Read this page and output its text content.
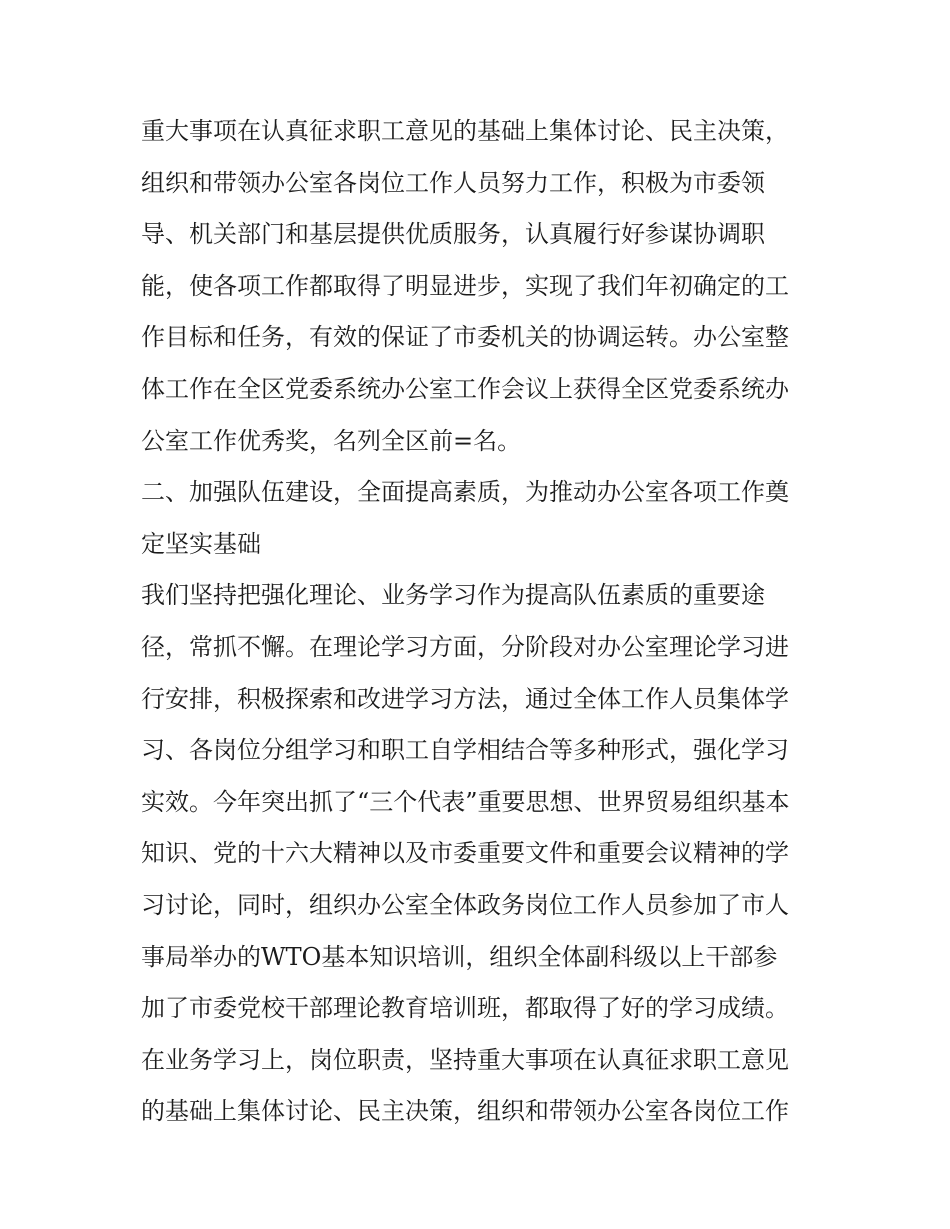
重大事项在认真征求职工意见的基础上集体讨论、民主决策，
组织和带领办公室各岗位工作人员努力工作，积极为市委领
导、机关部门和基层提供优质服务，认真履行好参谋协调职
能，使各项工作都取得了明显进步，实现了我们年初确定的工
作目标和任务，有效的保证了市委机关的协调运转。办公室整
体工作在全区党委系统办公室工作会议上获得全区党委系统办
公室工作优秀奖，名列全区前=名。
二、加强队伍建设，全面提高素质，为推动办公室各项工作奠
定坚实基础
我们坚持把强化理论、业务学习作为提高队伍素质的重要途
径，常抓不懈。在理论学习方面，分阶段对办公室理论学习进
行安排，积极探索和改进学习方法，通过全体工作人员集体学
习、各岗位分组学习和职工自学相结合等多种形式，强化学习
实效。今年突出抓了“三个代表”重要思想、世界贸易组织基本
知识、党的十六大精神以及市委重要文件和重要会议精神的学
习讨论，同时，组织办公室全体政务岗位工作人员参加了市人
事局举办的WTO基本知识培训，组织全体副科级以上干部参
加了市委党校干部理论教育培训班，都取得了好的学习成绩。
在业务学习上，岗位职责，坚持重大事项在认真征求职工意见
的基础上集体讨论、民主决策，组织和带领办公室各岗位工作
